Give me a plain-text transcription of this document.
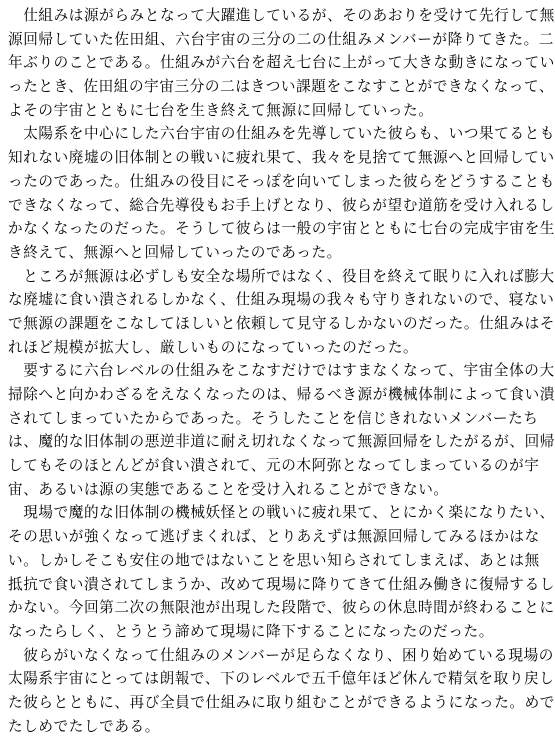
　仕組みは源がらみとなって大躍進しているが、そのあおりを受けて先行して無
源回帰していた佐田組、六台宇宙の三分の二の仕組みメンバーが降りてきた。二
年ぶりのことである。仕組みが六台を超え七台に上がって大きな動きになってい
ったとき、佐田組の宇宙三分の二はきつい課題をこなすことができなくなって、
よその宇宙とともに七台を生き終えて無源に回帰していった。
　太陽系を中心にした六台宇宙の仕組みを先導していた彼らも、いつ果てるとも
知れない廃墟の旧体制との戦いに疲れ果て、我々を見捨てて無源へと回帰してい
ったのであった。仕組みの役目にそっぽを向いてしまった彼らをどうすることも
できなくなって、総合先導役もお手上げとなり、彼らが望む道筋を受け入れるし
かなくなったのだった。そうして彼らは一般の宇宙とともに七台の完成宇宙を生
き終えて、無源へと回帰していったのであった。
　ところが無源は必ずしも安全な場所ではなく、役目を終えて眠りに入れば膨大
な廃墟に食い潰されるしかなく、仕組み現場の我々も守りきれないので、寝ない
で無源の課題をこなしてほしいと依頼して見守るしかないのだった。仕組みはそ
れほど規模が拡大し、厳しいものになっていったのだった。
　要するに六台レベルの仕組みをこなすだけではすまなくなって、宇宙全体の大
掃除へと向かわざるをえなくなったのは、帰るべき源が機械体制によって食い潰
されてしまっていたからであった。そうしたことを信じきれないメンバーたち
は、魔的な旧体制の悪逆非道に耐え切れなくなって無源回帰をしたがるが、回帰
してもそのほとんどが食い潰されて、元の木阿弥となってしまっているのが宇
宙、あるいは源の実態であることを受け入れることができない。
　現場で魔的な旧体制の機械妖怪との戦いに疲れ果て、とにかく楽になりたい、
その思いが強くなって逃げまくれば、とりあえずは無源回帰してみるほかはな
い。しかしそこも安住の地ではないことを思い知らされてしまえば、あとは無
抵抗で食い潰されてしまうか、改めて現場に降りてきて仕組み働きに復帰するし
かない。今回第二次の無限池が出現した段階で、彼らの休息時間が終わることに
なったらしく、とうとう諦めて現場に降下することになったのだった。
　彼らがいなくなって仕組みのメンバーが足らなくなり、困り始めている現場の
太陽系宇宙にとっては朗報で、下のレベルで五千億年ほど休んで精気を取り戻し
た彼らとともに、再び全員で仕組みに取り組むことができるようになった。めで
たしめでたしである。
